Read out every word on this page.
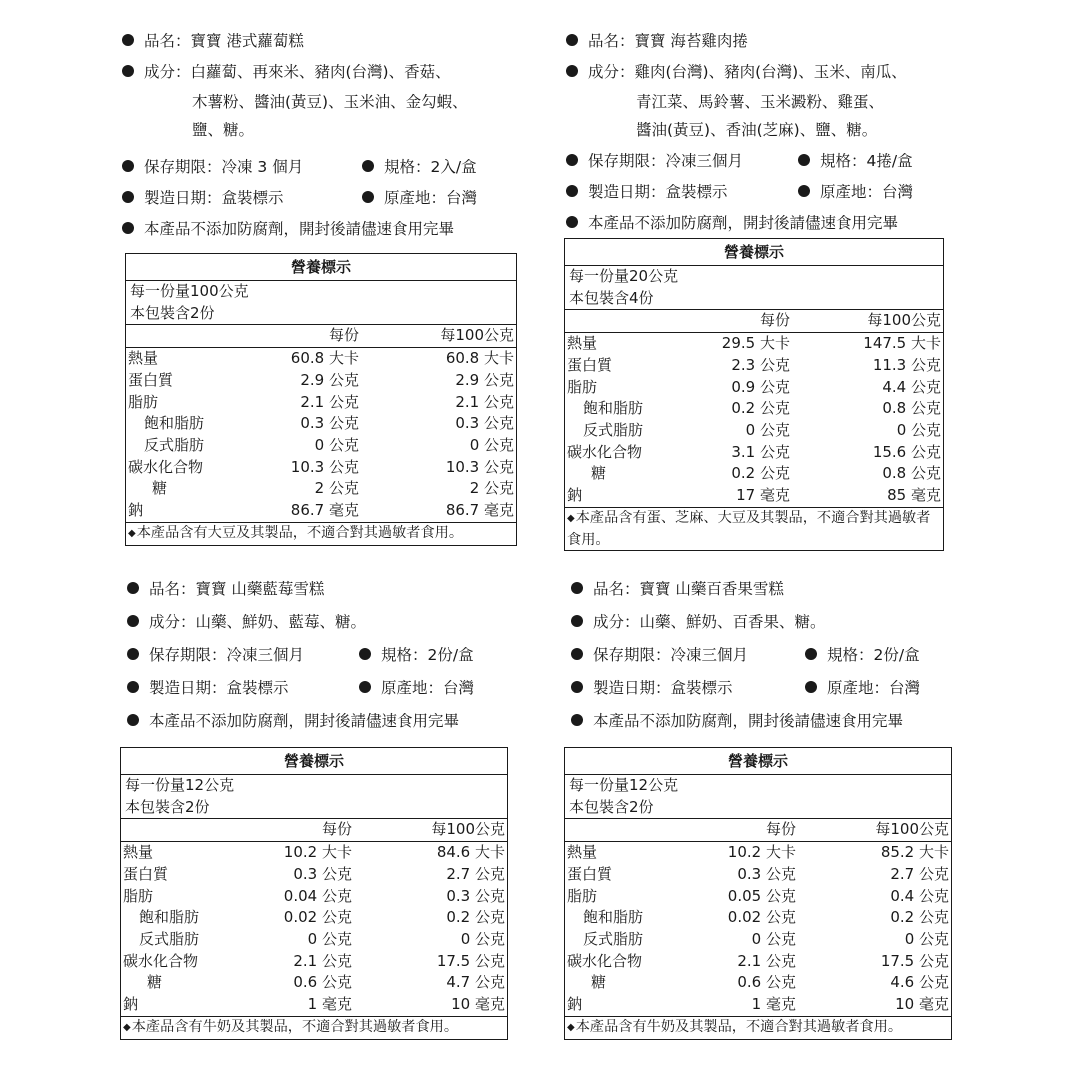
品名：寶寶 港式蘿蔔糕
成分：白蘿蔔、再來米、豬肉(台灣)、香菇、
木薯粉、醬油(黃豆)、玉米油、金勾蝦、
鹽、糖。
保存期限：冷凍 3 個月	規格：2入/盒
製造日期：盒裝標示	原產地：台灣
本產品不添加防腐劑，開封後請儘速食用完畢
營養標示		
每一份量100公克		
本包裝含2份		
	每份	每100公克
熱量	60.8 大卡	60.8 大卡
蛋白質	2.9 公克	2.9 公克
脂肪	2.1 公克	2.1 公克
飽和脂肪	0.3 公克	0.3 公克
反式脂肪	0 公克	0 公克
碳水化合物	10.3 公克	10.3 公克
糖	2 公克	2 公克
鈉	86.7 毫克	86.7 毫克
◆本產品含有大豆及其製品，不適合對其過敏者食用。		
品名：寶寶 海苔雞肉捲
成分：雞肉(台灣)、豬肉(台灣)、玉米、南瓜、
青江菜、馬鈴薯、玉米澱粉、雞蛋、
醬油(黃豆)、香油(芝麻)、鹽、糖。
保存期限：冷凍三個月	規格：4捲/盒
製造日期：盒裝標示	原產地：台灣
本產品不添加防腐劑，開封後請儘速食用完畢
營養標示		
每一份量20公克		
本包裝含4份		
	每份	每100公克
熱量	29.5 大卡	147.5 大卡
蛋白質	2.3 公克	11.3 公克
脂肪	0.9 公克	4.4 公克
飽和脂肪	0.2 公克	0.8 公克
反式脂肪	0 公克	0 公克
碳水化合物	3.1 公克	15.6 公克
糖	0.2 公克	0.8 公克
鈉	17 毫克	85 毫克
◆本產品含有蛋、芝麻、大豆及其製品，不適合對其過敏者食用。		
品名：寶寶 山藥藍莓雪糕
成分：山藥、鮮奶、藍莓、糖。
保存期限：冷凍三個月	規格：2份/盒
製造日期：盒裝標示	原產地：台灣
本產品不添加防腐劑，開封後請儘速食用完畢
營養標示		
每一份量12公克		
本包裝含2份		
	每份	每100公克
熱量	10.2 大卡	84.6 大卡
蛋白質	0.3 公克	2.7 公克
脂肪	0.04 公克	0.3 公克
飽和脂肪	0.02 公克	0.2 公克
反式脂肪	0 公克	0 公克
碳水化合物	2.1 公克	17.5 公克
糖	0.6 公克	4.7 公克
鈉	1 毫克	10 毫克
◆本產品含有牛奶及其製品，不適合對其過敏者食用。		
品名：寶寶 山藥百香果雪糕
成分：山藥、鮮奶、百香果、糖。
保存期限：冷凍三個月	規格：2份/盒
製造日期：盒裝標示	原產地：台灣
本產品不添加防腐劑，開封後請儘速食用完畢
營養標示		
每一份量12公克		
本包裝含2份		
	每份	每100公克
熱量	10.2 大卡	85.2 大卡
蛋白質	0.3 公克	2.7 公克
脂肪	0.05 公克	0.4 公克
飽和脂肪	0.02 公克	0.2 公克
反式脂肪	0 公克	0 公克
碳水化合物	2.1 公克	17.5 公克
糖	0.6 公克	4.6 公克
鈉	1 毫克	10 毫克
◆本產品含有牛奶及其製品，不適合對其過敏者食用。		
